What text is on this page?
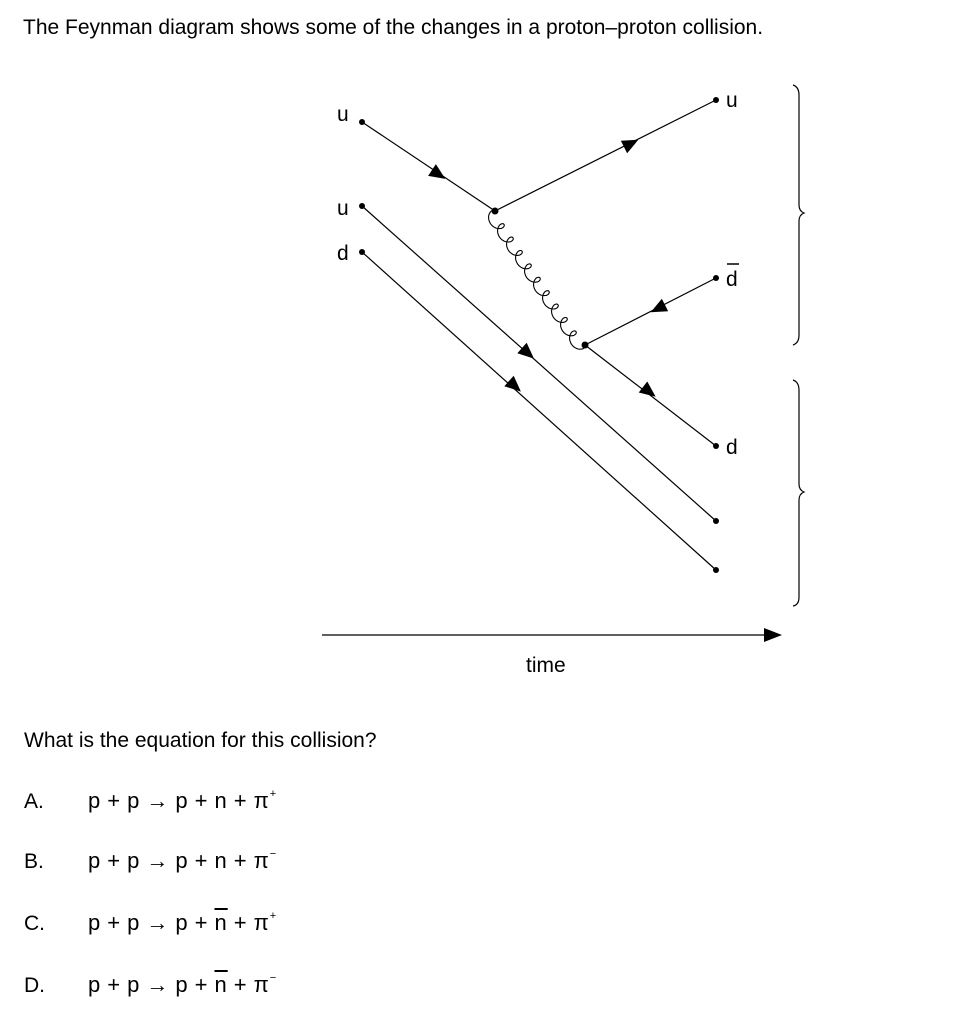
The Feynman diagram shows some of the changes in a proton–proton collision.
u
u
d
u
d
d
time
What is the equation for this collision?
A.	p + p → p + n + π+
B.	p + p → p + n + π−
C.	$p + p \to p + \overline{n} + \pi^+$
D.	$p + p \to p + \overline{n} + \pi^-$
